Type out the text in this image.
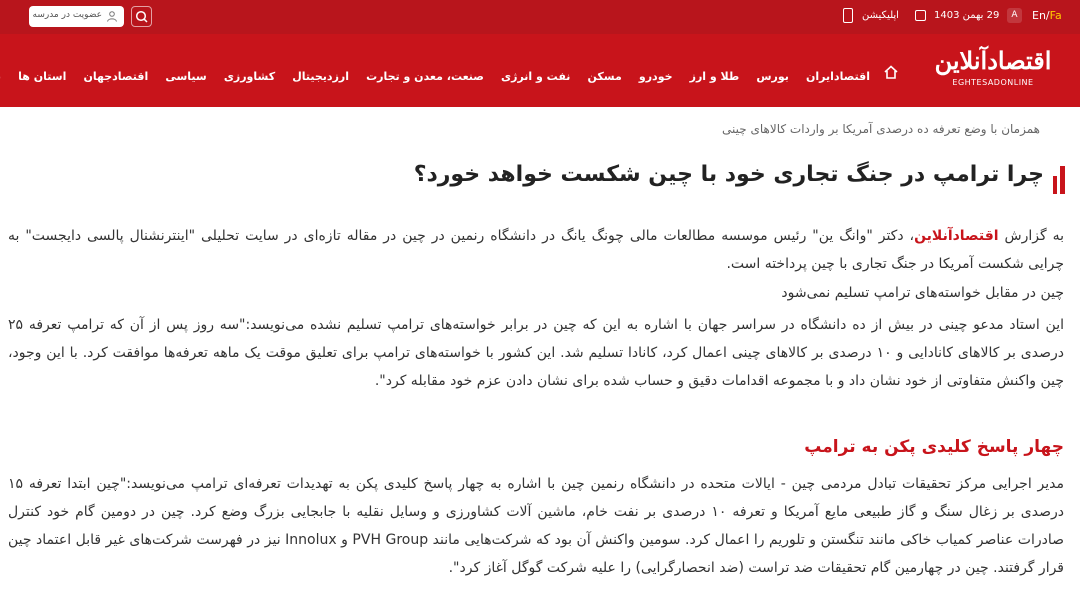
En/Fa
A
29 بهمن 1403
اپلیکیشن
عضویت در مدرسه
اقتصادآنلاین
EGHTESADONLINE
اقتصادایران بورس طلا و ارز خودرو مسکن نفت و انرژی صنعت، معدن و تجارت ارزدیجیتال کشاورزی سیاسی اقتصادجهان استان ها
همزمان با وضع تعرفه ده درصدی آمریکا بر واردات کالاهای چینی
چرا ترامپ در جنگ تجاری خود با چین شکست خواهد خورد؟

به گزارش اقتصادآنلاین، دکتر "وانگ ین" رئیس موسسه مطالعات مالی چونگ یانگ در دانشگاه رنمین در چین در مقاله تازه‌ای در سایت تحلیلی "اینترنشنال پالسی دایجست" به چرایی شکست آمریکا در جنگ تجاری با چین پرداخته است.

چین در مقابل خواسته‌های ترامپ تسلیم نمی‌شود

این استاد مدعو چینی در بیش از ده دانشگاه در سراسر جهان با اشاره به این که چین در برابر خواسته‌های ترامپ تسلیم نشده می‌نویسد:"سه روز پس از آن که ترامپ تعرفه ۲۵ درصدی بر کالاهای کانادایی و ۱۰ درصدی بر کالاهای چینی اعمال کرد، کانادا تسلیم شد. این کشور با خواسته‌های ترامپ برای تعلیق موقت یک ماهه تعرفه‌ها موافقت کرد. با این وجود، چین واکنش متفاوتی از خود نشان داد و با مجموعه اقدامات دقیق و حساب شده برای نشان دادن عزم خود مقابله کرد".

چهار پاسخ کلیدی پکن به ترامپ

مدیر اجرایی مرکز تحقیقات تبادل مردمی چین - ایالات متحده در دانشگاه رنمین چین با اشاره به چهار پاسخ کلیدی پکن به تهدیدات تعرفه‌ای ترامپ می‌نویسد:"چین ابتدا تعرفه ۱۵ درصدی بر زغال سنگ و گاز طبیعی مایع آمریکا و تعرفه ۱۰ درصدی بر نفت خام، ماشین آلات کشاورزی و وسایل نقلیه با جابجایی بزرگ وضع کرد. چین در دومین گام خود کنترل صادرات عناصر کمیاب خاکی مانند تنگستن و تلوریم را اعمال کرد. سومین واکنش آن بود که شرکت‌هایی مانند PVH Group و Innolux نیز در فهرست شرکت‌های غیر قابل اعتماد چین قرار گرفتند. چین در چهارمین گام تحقیقات ضد تراست (ضد انحصارگرایی) را علیه شرکت گوگل آغاز کرد".
